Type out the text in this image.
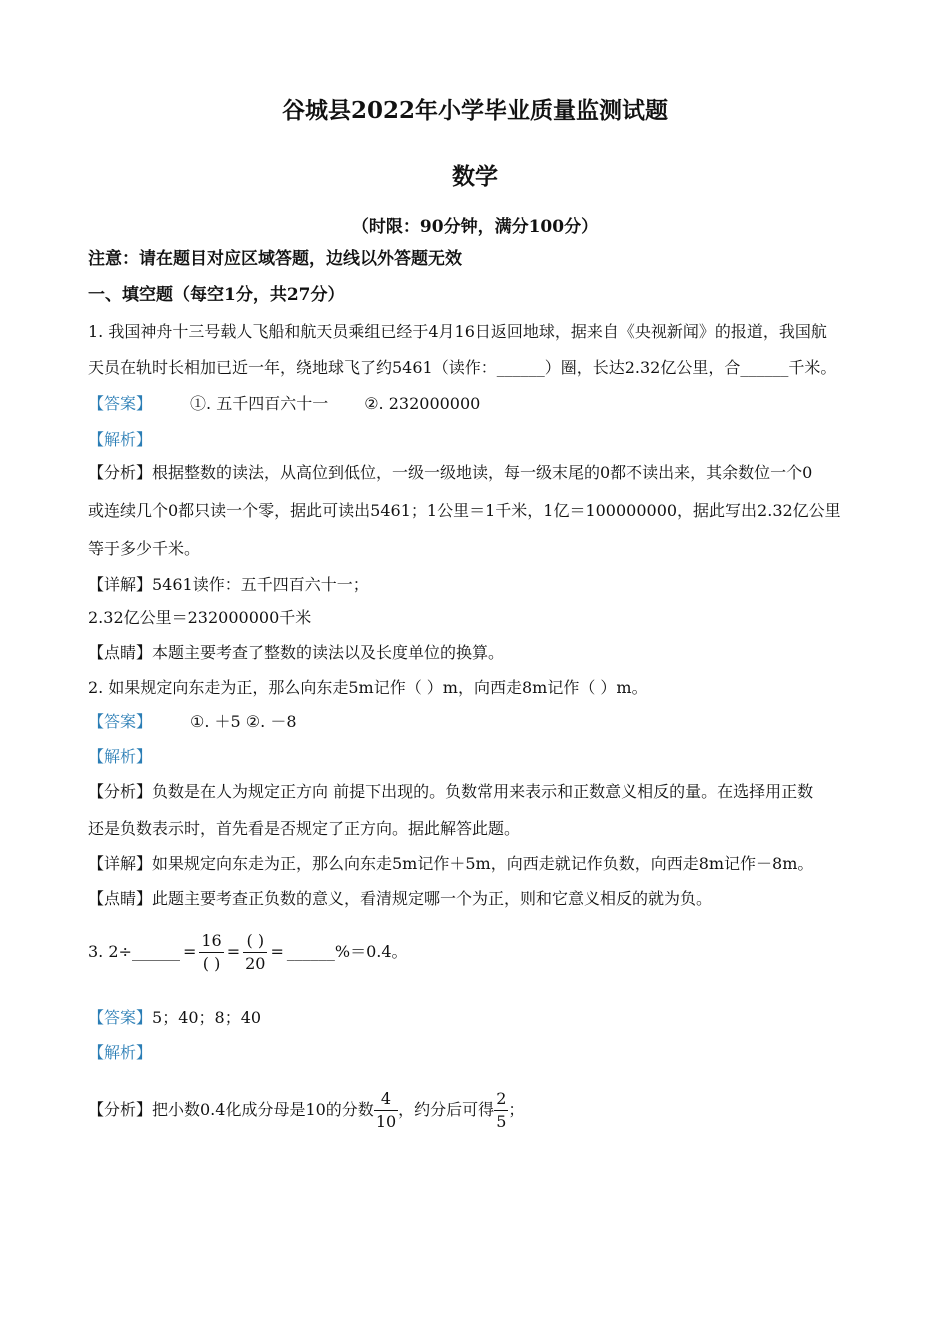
谷城县2022年小学毕业质量监测试题
数学
（时限：90分钟，满分100分）
注意：请在题目对应区域答题，边线以外答题无效
一、填空题（每空1分，共27分）
1. 我国神舟十三号载人飞船和航天员乘组已经于4月16日返回地球，据来自《央视新闻》的报道，我国航
天员在轨时长相加已近一年，绕地球飞了约5461（读作：______）圈，长达2.32亿公里，合______千米。
【答案】 ①. 五千四百六十一 ②. 232000000
【解析】
【分析】根据整数的读法，从高位到低位，一级一级地读，每一级末尾的0都不读出来，其余数位一个0
或连续几个0都只读一个零，据此可读出5461；1公里＝1千米，1亿＝100000000，据此写出2.32亿公里
等于多少千米。
【详解】5461读作：五千四百六十一；
2.32亿公里＝232000000千米
【点睛】本题主要考查了整数的读法以及长度单位的换算。
2. 如果规定向东走为正，那么向东走5m记作（ ）m，向西走8m记作（ ）m。
【答案】 ①. ＋5 ②. －8
【解析】
【分析】负数是在人为规定正方向 前提下出现的。负数常用来表示和正数意义相反的量。在选择用正数
还是负数表示时，首先看是否规定了正方向。据此解答此题。
【详解】如果规定向东走为正，那么向东走5m记作＋5m，向西走就记作负数，向西走8m记作－8m。
【点睛】此题主要考查正负数的意义，看清规定哪一个为正，则和它意义相反的就为负。
3. 2÷______ = $\frac{16}{( )} = \frac{( )}{20}$ = ______%＝0.4。
【答案】5；40；8；40
【解析】
【分析】把小数0.4化成分母是10的分数 $\frac{4}{10}$ ，约分后可得 $\frac{2}{5}$ ；
